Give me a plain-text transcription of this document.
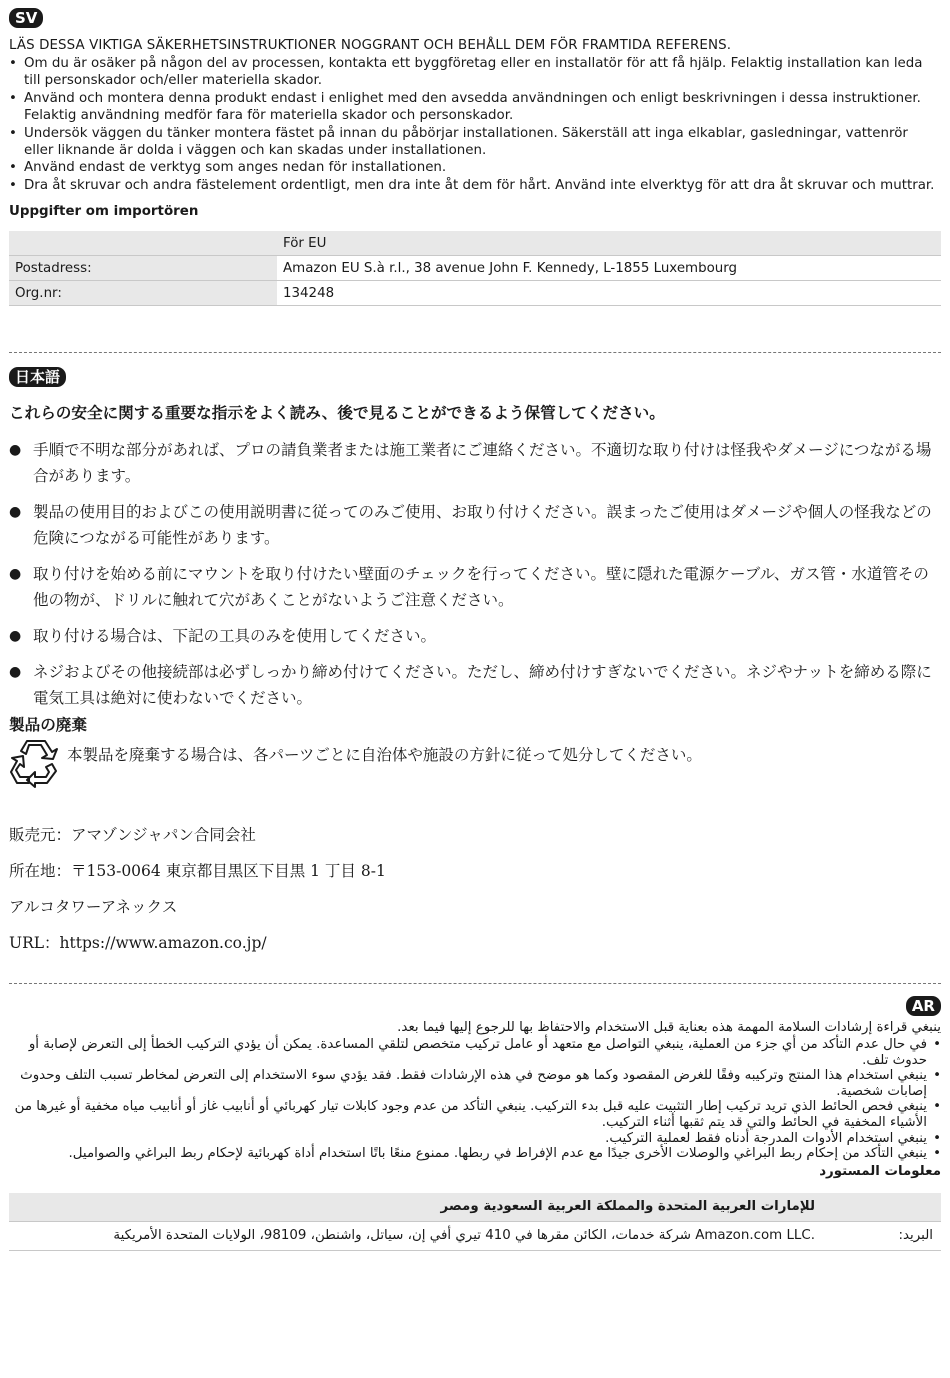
SV
LÄS DESSA VIKTIGA SÄKERHETSINSTRUKTIONER NOGGRANT OCH BEHÅLL DEM FÖR FRAMTIDA REFERENS.
• Om du är osäker på någon del av processen, kontakta ett byggföretag eller en installatör för att få hjälp. Felaktig installation kan leda till personskador och/eller materiella skador.
• Använd och montera denna produkt endast i enlighet med den avsedda användningen och enligt beskrivningen i dessa instruktioner. Felaktig användning medför fara för materiella skador och personskador.
• Undersök väggen du tänker montera fästet på innan du påbörjar installationen. Säkerställ att inga elkablar, gasledningar, vattenrör eller liknande är dolda i väggen och kan skadas under installationen.
• Använd endast de verktyg som anges nedan för installationen.
• Dra åt skruvar och andra fästelement ordentligt, men dra inte åt dem för hårt. Använd inte elverktyg för att dra åt skruvar och muttrar.
Uppgifter om importören
	För EU
Postadress:	Amazon EU S.à r.l., 38 avenue John F. Kennedy, L-1855 Luxembourg
Org.nr:	134248
日本語
これらの安全に関する重要な指示をよく読み、後で見ることができるよう保管してください。
● 手順で不明な部分があれば、プロの請負業者または施工業者にご連絡ください。不適切な取り付けは怪我やダメージにつながる場合があります。
● 製品の使用目的およびこの使用説明書に従ってのみご使用、お取り付けください。誤まったご使用はダメージや個人の怪我などの危険につながる可能性があります。
● 取り付けを始める前にマウントを取り付けたい壁面のチェックを行ってください。壁に隠れた電源ケーブル、ガス管・水道管その他の物が、ドリルに触れて穴があくことがないようご注意ください。
● 取り付ける場合は、下記の工具のみを使用してください。
● ネジおよびその他接続部は必ずしっかり締め付けてください。ただし、締め付けすぎないでください。ネジやナットを締める際に電気工具は絶対に使わないでください。
製品の廃棄
本製品を廃棄する場合は、各パーツごとに自治体や施設の方針に従って処分してください。
販売元：アマゾンジャパン合同会社
所在地：〒153-0064 東京都目黒区下目黒 1 丁目 8-1
アルコタワーアネックス
URL：https://www.amazon.co.jp/
AR
ينبغي قراءة إرشادات السلامة المهمة هذه بعناية قبل الاستخدام والاحتفاظ بها للرجوع إليها فيما بعد.
• في حال عدم التأكد من أي جزء من العملية، ينبغي التواصل مع متعهد أو عامل تركيب متخصص لتلقي المساعدة. يمكن أن يؤدي التركيب الخطأ إلى التعرض لإصابة أو حدوث تلف.
• ينبغي استخدام هذا المنتج وتركيبه وفقًا للغرض المقصود وكما هو موضح في هذه الإرشادات فقط. فقد يؤدي سوء الاستخدام إلى التعرض لمخاطر تسبب التلف وحدوث إصابات شخصية.
• ينبغي فحص الحائط الذي تريد تركيب إطار التثبيت عليه قبل بدء التركيب. ينبغي التأكد من عدم وجود كابلات تيار كهربائي أو أنابيب غاز أو أنابيب مياه مخفية أو غيرها من الأشياء المخفية في الحائط والتي قد يتم ثقبها أثناء التركيب.
• ينبغي استخدام الأدوات المدرجة أدناه فقط لعملية التركيب.
• ينبغي التأكد من إحكام ربط البراغي والوصلات الأخرى جيدًا مع عدم الإفراط في ربطها. ممنوع منعًا باتًا استخدام أداة كهربائية لإحكام ربط البراغي والصواميل.
معلومات المستورد
	للإمارات العربية المتحدة والمملكة العربية السعودية ومصر
البريد:	.Amazon.com LLC شركة خدمات، الكائن مقرها في 410 تيري أفي إن، سياتل، واشنطن، 98109، الولايات المتحدة الأمريكية
